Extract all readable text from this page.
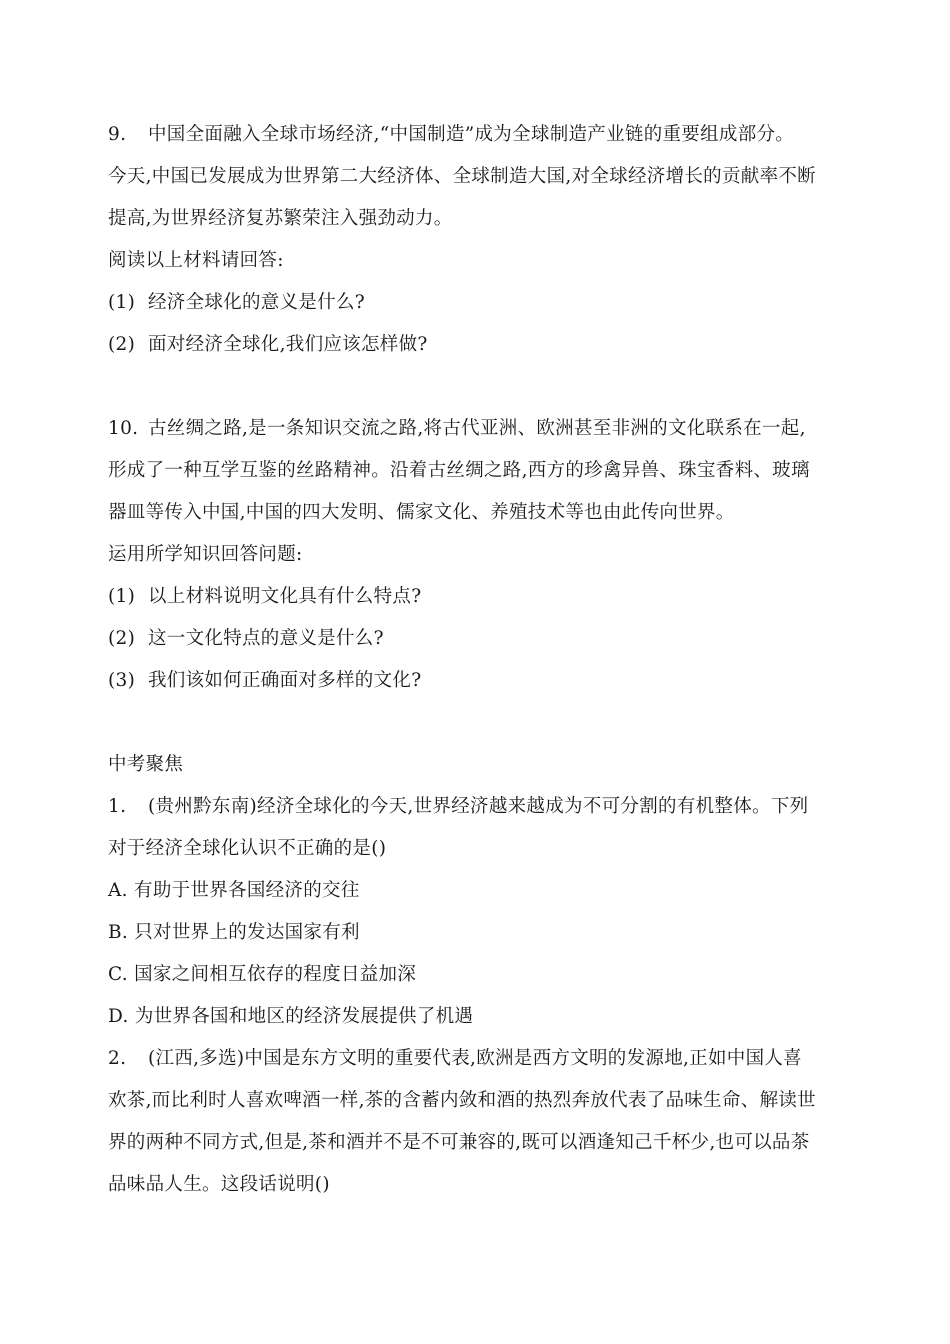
9. 中国全面融入全球市场经济,“中国制造”成为全球制造产业链的重要组成部分。
今天,中国已发展成为世界第二大经济体、全球制造大国,对全球经济增长的贡献率不断
提高,为世界经济复苏繁荣注入强劲动力。
阅读以上材料请回答:
(1) 经济全球化的意义是什么?
(2) 面对经济全球化,我们应该怎样做?
10. 古丝绸之路,是一条知识交流之路,将古代亚洲、欧洲甚至非洲的文化联系在一起,
形成了一种互学互鉴的丝路精神。沿着古丝绸之路,西方的珍禽异兽、珠宝香料、玻璃
器皿等传入中国,中国的四大发明、儒家文化、养殖技术等也由此传向世界。
运用所学知识回答问题:
(1) 以上材料说明文化具有什么特点?
(2) 这一文化特点的意义是什么?
(3) 我们该如何正确面对多样的文化?
中考聚焦
1. (贵州黔东南)经济全球化的今天,世界经济越来越成为不可分割的有机整体。下列
对于经济全球化认识不正确的是()
A. 有助于世界各国经济的交往
B. 只对世界上的发达国家有利
C. 国家之间相互依存的程度日益加深
D. 为世界各国和地区的经济发展提供了机遇
2. (江西,多选)中国是东方文明的重要代表,欧洲是西方文明的发源地,正如中国人喜
欢茶,而比利时人喜欢啤酒一样,茶的含蓄内敛和酒的热烈奔放代表了品味生命、解读世
界的两种不同方式,但是,茶和酒并不是不可兼容的,既可以酒逢知己千杯少,也可以品茶
品味品人生。这段话说明()
